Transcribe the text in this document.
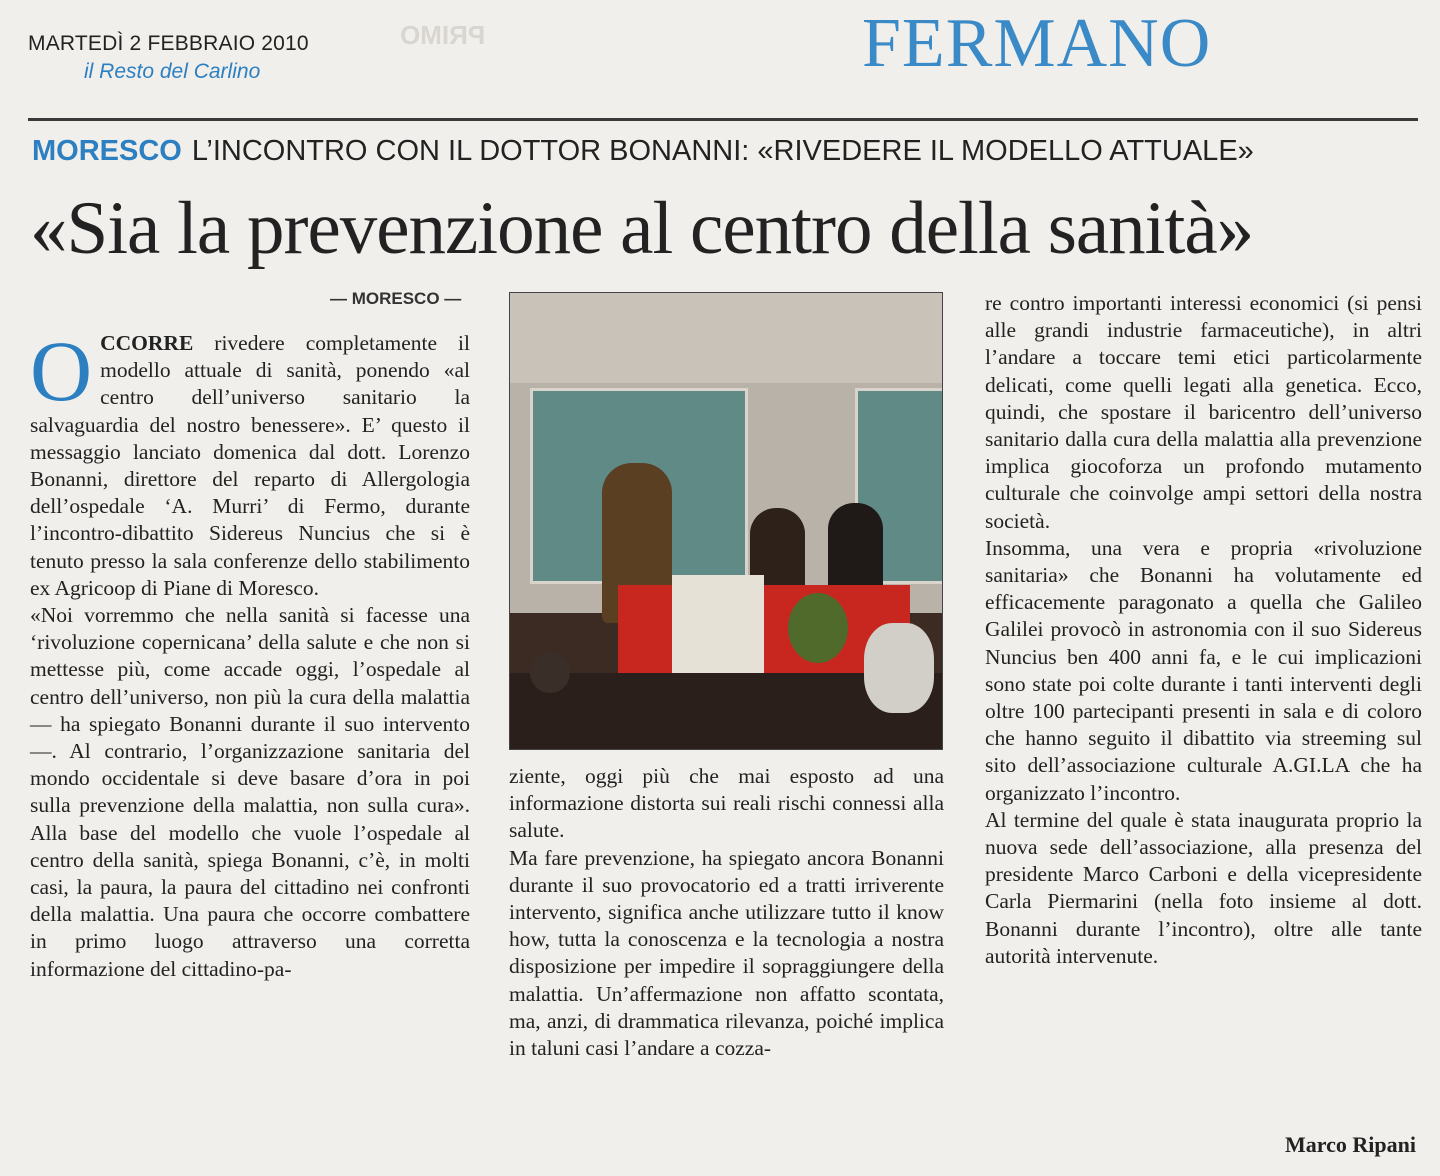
MARTEDÌ 2 FEBBRAIO 2010
il Resto del Carlino
PRIMO	FERMANO
MORESCO L’INCONTRO CON IL DOTTOR BONANNI: «RIVEDERE IL MODELLO ATTUALE»
«Sia la prevenzione al centro della sanità»
— MORESCO —

OCCORRE rivedere completamente il modello attuale di sanità, ponendo «al centro dell’universo sanitario la salvaguardia del nostro benessere». E’ questo il messaggio lanciato domenica dal dott. Lorenzo Bonanni, direttore del reparto di Allergologia dell’ospedale ‘A. Murri’ di Fermo, durante l’incontro-dibattito Sidereus Nuncius che si è tenuto presso la sala conferenze dello stabilimento ex Agricoop di Piane di Moresco.

«Noi vorremmo che nella sanità si facesse una ‘rivoluzione copernicana’ della salute e che non si mettesse più, come accade oggi, l’ospedale al centro dell’universo, non più la cura della malattia — ha spiegato Bonanni durante il suo intervento —. Al contrario, l’organizzazione sanitaria del mondo occidentale si deve basare d’ora in poi sulla prevenzione della malattia, non sulla cura». Alla base del modello che vuole l’ospedale al centro della sanità, spiega Bonanni, c’è, in molti casi, la paura, la paura del cittadino nei confronti della malattia. Una paura che occorre combattere in primo luogo attraverso una corretta informazione del cittadino-pa-

ziente, oggi più che mai esposto ad una informazione distorta sui reali rischi connessi alla salute.

Ma fare prevenzione, ha spiegato ancora Bonanni durante il suo provocatorio ed a tratti irriverente intervento, significa anche utilizzare tutto il know how, tutta la conoscenza e la tecnologia a nostra disposizione per impedire il sopraggiungere della malattia. Un’affermazione non affatto scontata, ma, anzi, di drammatica rilevanza, poiché implica in taluni casi l’andare a cozza-

re contro importanti interessi economici (si pensi alle grandi industrie farmaceutiche), in altri l’andare a toccare temi etici particolarmente delicati, come quelli legati alla genetica. Ecco, quindi, che spostare il baricentro dell’universo sanitario dalla cura della malattia alla prevenzione implica giocoforza un profondo mutamento culturale che coinvolge ampi settori della nostra società.

Insomma, una vera e propria «rivoluzione sanitaria» che Bonanni ha volutamente ed efficacemente paragonato a quella che Galileo Galilei provocò in astronomia con il suo Sidereus Nuncius ben 400 anni fa, e le cui implicazioni sono state poi colte durante i tanti interventi degli oltre 100 partecipanti presenti in sala e di coloro che hanno seguito il dibattito via streeming sul sito dell’associazione culturale A.GI.LA che ha organizzato l’incontro.

Al termine del quale è stata inaugurata proprio la nuova sede dell’associazione, alla presenza del presidente Marco Carboni e della vicepresidente Carla Piermarini (nella foto insieme al dott. Bonanni durante l’incontro), oltre alle tante autorità intervenute.

Marco Ripani
